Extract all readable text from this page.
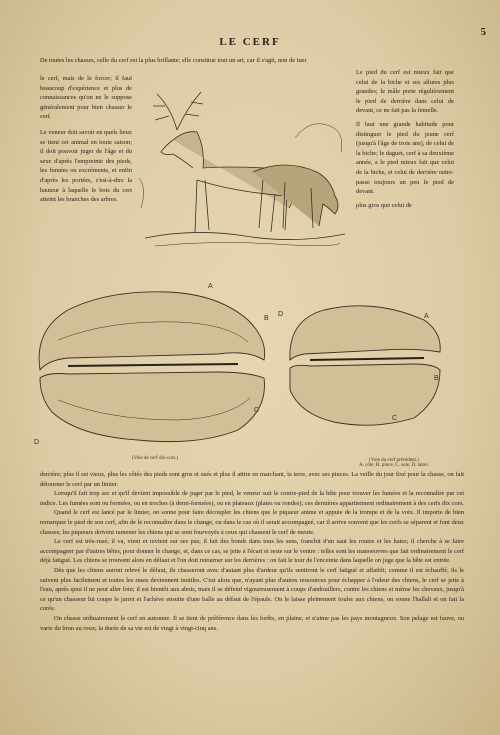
5
LE CERF
De toutes les chasses, celle du cerf est la plus brillante; elle constitue tout un art, car il s'agit, non de tuer
le cerf, mais de le forcer; il faut beaucoup d'expérience et plus de connaissances qu'on ne le suppose généralement pour bien chasser le cerf.
Le veneur doit savoir en quels lieux se tient cet animal en toute saison; il doit pouvoir juger de l'âge et du sexe d'après l'empreinte des pieds, les fumées ou excréments, et enfin d'après les portées, c'est-à-dire la hauteur à laquelle le bois du cert atteint les branches des arbres.
Le pied du cerf est mieux fait que celui de la biche et ses allures plus grandes; le mâle porte régulièrement le pied de derrière dans celui de devant, ce ne fait pas la femelle.
Il faut une grande habitude pour distinguer le pied du jeune cerf (jusqu'à l'âge de trois ans), de celui de la biche; le daguet, cerf à sa deuxième année, a le pied mieux fait que celui de la biche, et celui de derrière outre-passe toujours un peu le pied de devant.
plus gros que celui de
A
B
C
D
D	A
B
C
(Voie de cerf dix-cors.)	(Voie du cerf précédent.)
A. côté, B. pince, C. sole, D. talon.
derrière; plus il est vieux, plus les côtés des pieds sont gros et usés et plus il attire en marchant, la terre, avec ses pinces. La veille du jour fixé pour la chasse, on fait détourner le cerf par un limier.
Lorsqu'il fait trop sec et qu'il devient impossible de juger par le pied, le veneur suit le contre-pied de la bête pour trouver les fumées et la reconnaître par cet indice. Les fumées sont ou formées, ou en troches (à demi-formées), ou en plateaux (plates ou rondes); ces dernières appartiennent ordinairement à des cerfs dix cors.
Quand le cerf est lancé par le limier, on sonne pour faire découpler les chiens que le piqueur anime et appuie de la trompe et de la voix. Il importe de bien remarquer le pied de son cerf, afin de le reconnaître dans le change, ou dans le cas où il serait accompagné, car il arrive souvent que les cerfs se séparent et font deux chasses; les piqueurs doivent ramener les chiens qui se sont fourvoyés à ceux qui chassent le cerf de meute.
Le cerf est très-rusé; il va, vient et revient sur ses pas; il fait des bonds dans tous les sens, franchit d'un saut les routes et les haies; il cherche à se faire accompagner par d'autres bêtes, pour donner le change, et, dans ce cas, se jette à l'écart et reste sur le ventre : telles sont les manoeuvres que fait ordinairement le cerf déjà fatigué. Les chiens se trouvent alors en défaut et l'on doit retourner sur les derrières : on fait le tour de l'enceinte dans laquelle on juge que la bête est entrée.
Dès que les chiens auront relevé le défaut, ils chasseront avec d'autant plus d'ardeur qu'ils sentiront le cerf fatigué et affaibli; comme il est échauffé, ils le suivent plus facilement et toutes les ruses deviennent inutiles. C'est alors que, n'ayant plus d'autres ressources pour échapper à l'odeur des chiens, le cerf se jette à l'eau, après quoi il ne peut aller loin; il est bientôt aux abois, mais il se défend vigoureusement à coups d'andouillers, contre les chiens et même les chevaux, jusqu'à ce qu'un chasseur lui coupe le jarret et l'achève ensuite d'une balle au défaut de l'épaule. On le laisse pleinement fouler aux chiens, on sonne l'hallali et on fait la curée.
On chasse ordinairement le cerf en automne. Il se tient de préférence dans les forêts, en plaine, et n'aime pas les pays montagneux. Son pelage est fauve, ou varie du brun au roux; la durée de sa vie est de vingt à vingt-cinq ans.
